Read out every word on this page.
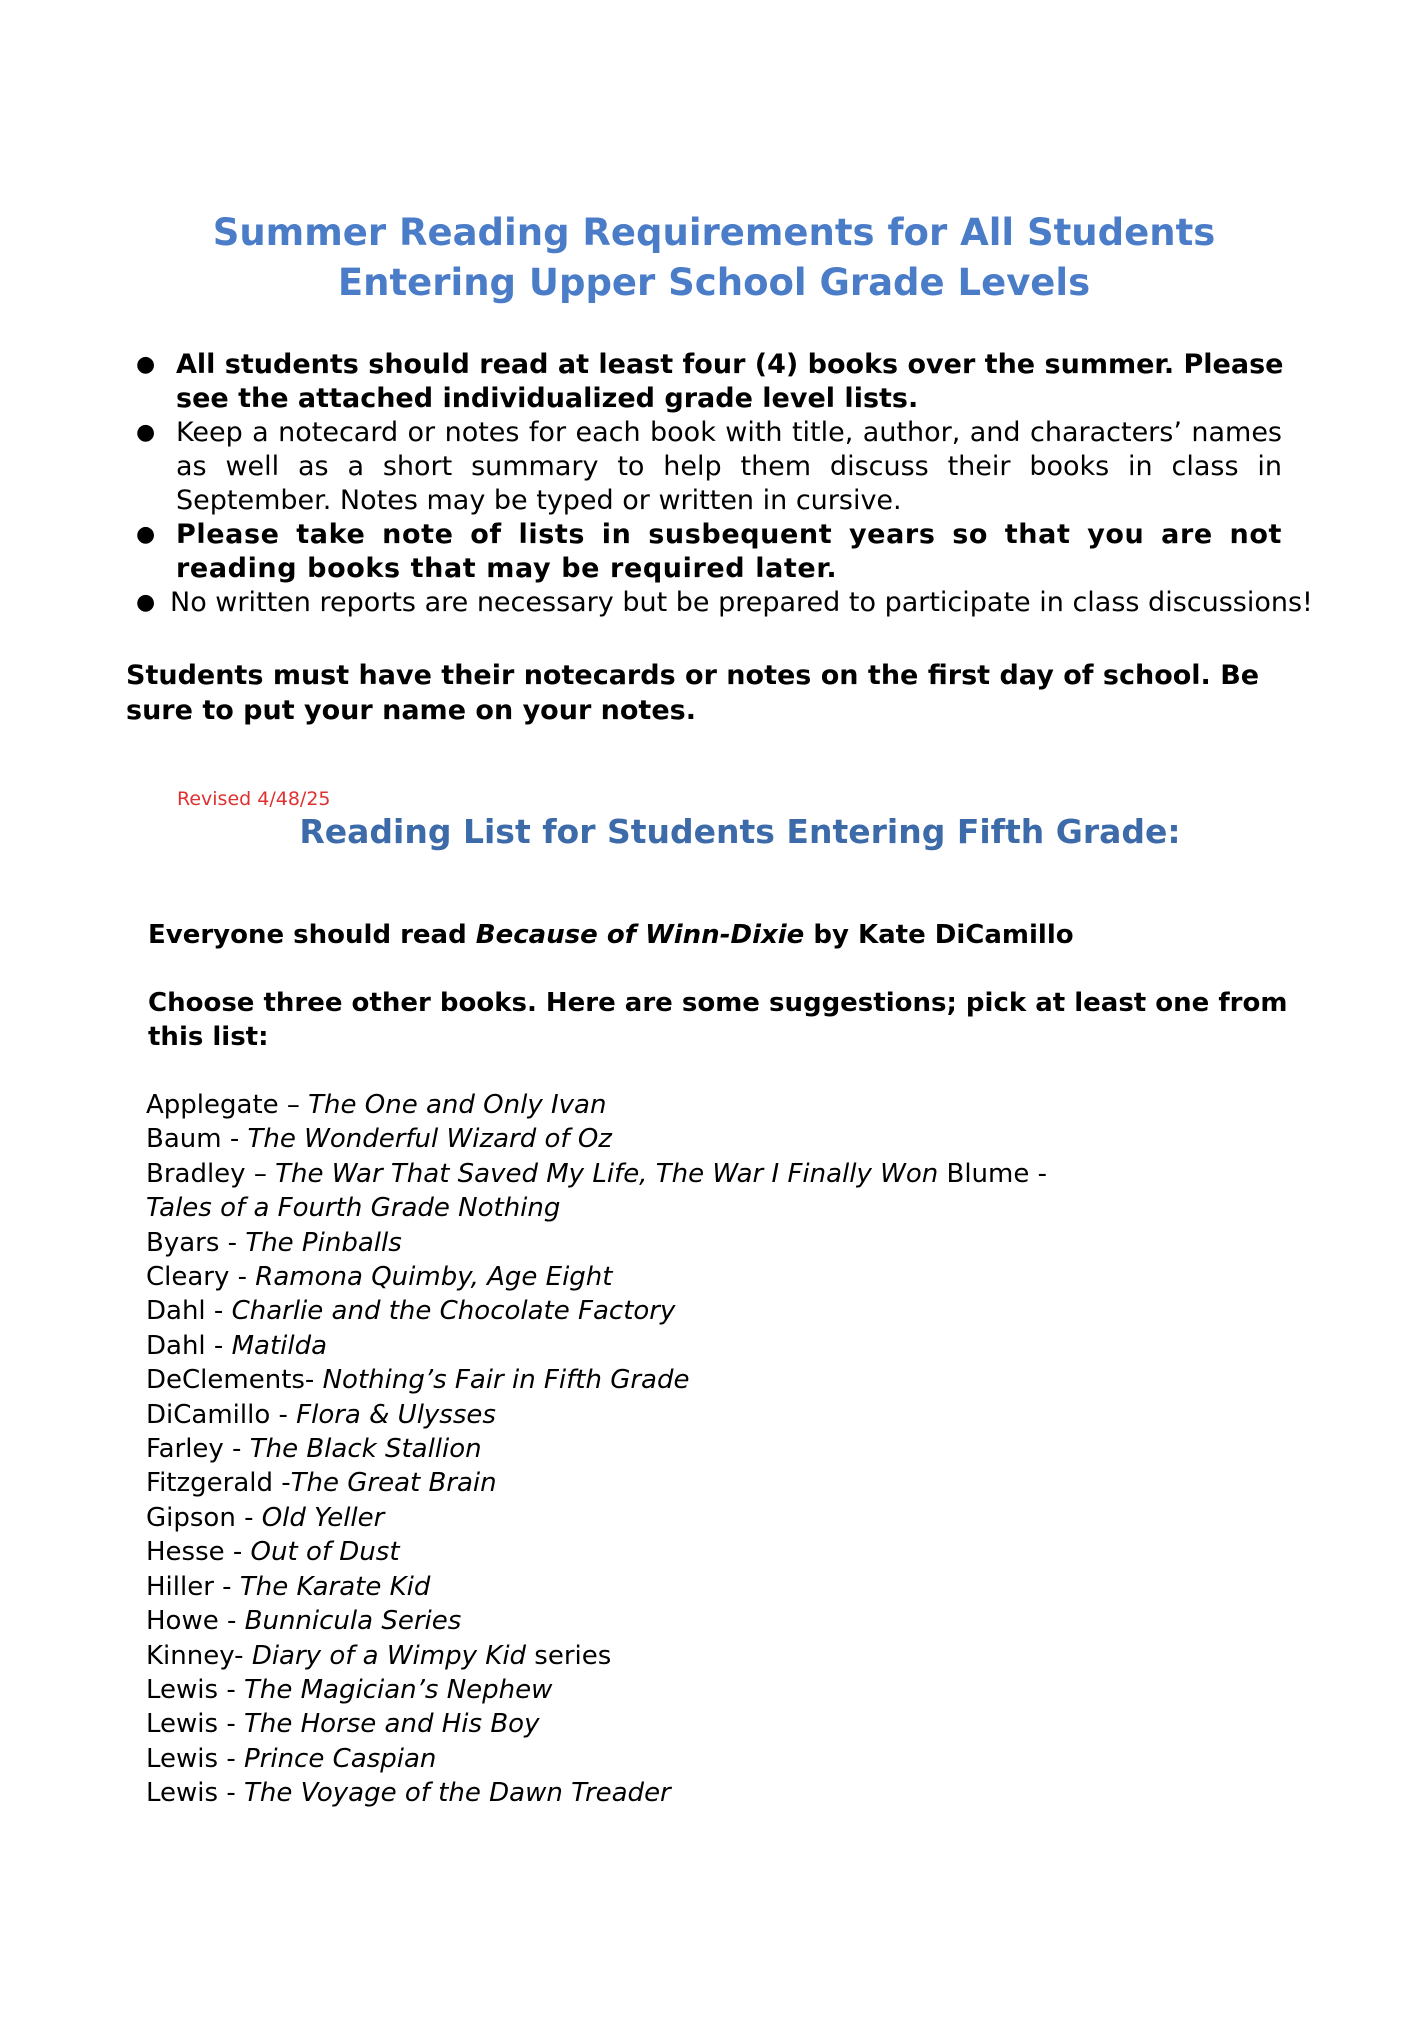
Summer Reading Requirements for All Students
Entering Upper School Grade Levels
● All students should read at least four (4) books over the summer. Please
see the attached individualized grade level lists.
● Keep a notecard or notes for each book with title, author, and characters’ names as well as a short summary to help them discuss their books in class in September. Notes may be typed or written in cursive.
● Please take note of lists in susbequent years so that you are not reading books that may be required later.
● No written reports are necessary but be prepared to participate in class discussions!
Students must have their notecards or notes on the first day of school. Be
sure to put your name on your notes.
Revised 4/48/25
Reading List for Students Entering Fifth Grade:

Everyone should read Because of Winn-Dixie by Kate DiCamillo

Choose three other books. Here are some suggestions; pick at least one from
this list:
Applegate – The One and Only Ivan
Baum - The Wonderful Wizard of Oz
Bradley – The War That Saved My Life, The War I Finally Won Blume -
Tales of a Fourth Grade Nothing
Byars - The Pinballs
Cleary - Ramona Quimby, Age Eight
Dahl - Charlie and the Chocolate Factory
Dahl - Matilda
DeClements- Nothing’s Fair in Fifth Grade
DiCamillo - Flora & Ulysses
Farley - The Black Stallion
Fitzgerald -The Great Brain
Gipson - Old Yeller
Hesse - Out of Dust
Hiller - The Karate Kid
Howe - Bunnicula Series
Kinney- Diary of a Wimpy Kid series
Lewis - The Magician’s Nephew
Lewis - The Horse and His Boy
Lewis - Prince Caspian
Lewis - The Voyage of the Dawn Treader
